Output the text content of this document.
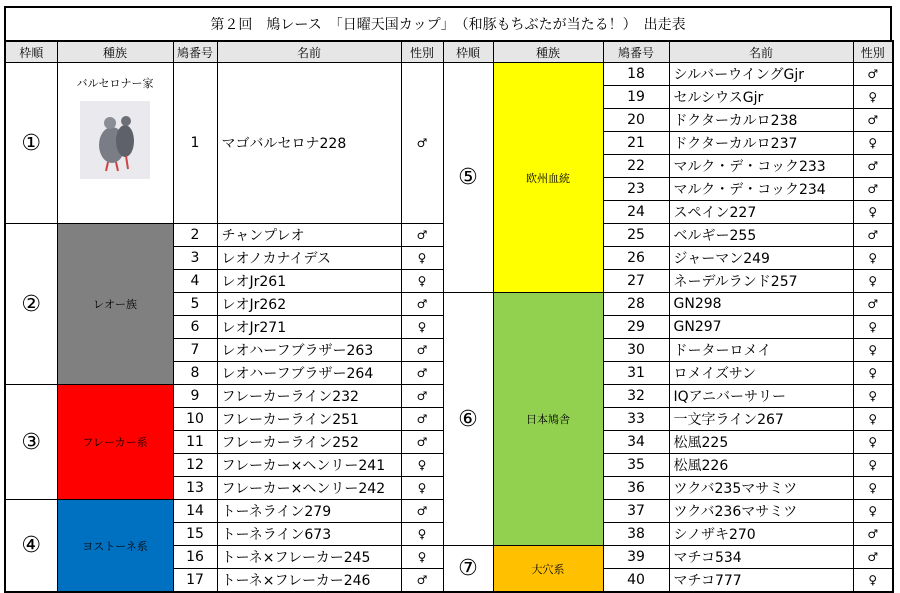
第２回　鳩レース　「日曜天国カップ」　（和豚もちぶたが当たる！）　出走表
枠順	種族	鳩番号	名前	性別	枠順	種族	鳩番号	名前	性別
①	バルセロナー家	1	マゴバルセロナ228	♂	⑤	欧州血統	18	シルバーウイングGjr	♂
							19	セルシウスGjr	♀
							20	ドクターカルロ238	♂
							21	ドクターカルロ237	♀
							22	マルク・デ・コック233	♂
							23	マルク・デ・コック234	♂
							24	スペイン227	♀
②	レオー族	2	チャンプレオ	♂			25	ベルギー255	♂
		3	レオノカナイデス	♀			26	ジャーマン249	♀
		4	レオJr261	♀			27	ネーデルランド257	♀
		5	レオJr262	♂	⑥	日本鳩舎	28	GN298	♂
		6	レオJr271	♀			29	GN297	♀
		7	レオハーフブラザー263	♂			30	ドーターロメイ	♀
		8	レオハーフブラザー264	♂			31	ロメイズサン	♀
③	フレーカー系	9	フレーカーライン232	♂			32	IQアニバーサリー	♀
		10	フレーカーライン251	♂			33	一文字ライン267	♀
		11	フレーカーライン252	♂			34	松風225	♀
		12	フレーカー×ヘンリー241	♀			35	松風226	♀
		13	フレーカー×ヘンリー242	♀			36	ツクバ235マサミツ	♀
④	ヨストーネ系	14	トーネライン279	♂			37	ツクバ236マサミツ	♀
		15	トーネライン673	♀			38	シノザキ270	♂
		16	トーネ×フレーカー245	♀	⑦	大穴系	39	マチコ534	♂
		17	トーネ×フレーカー246	♂			40	マチコ777	♀
